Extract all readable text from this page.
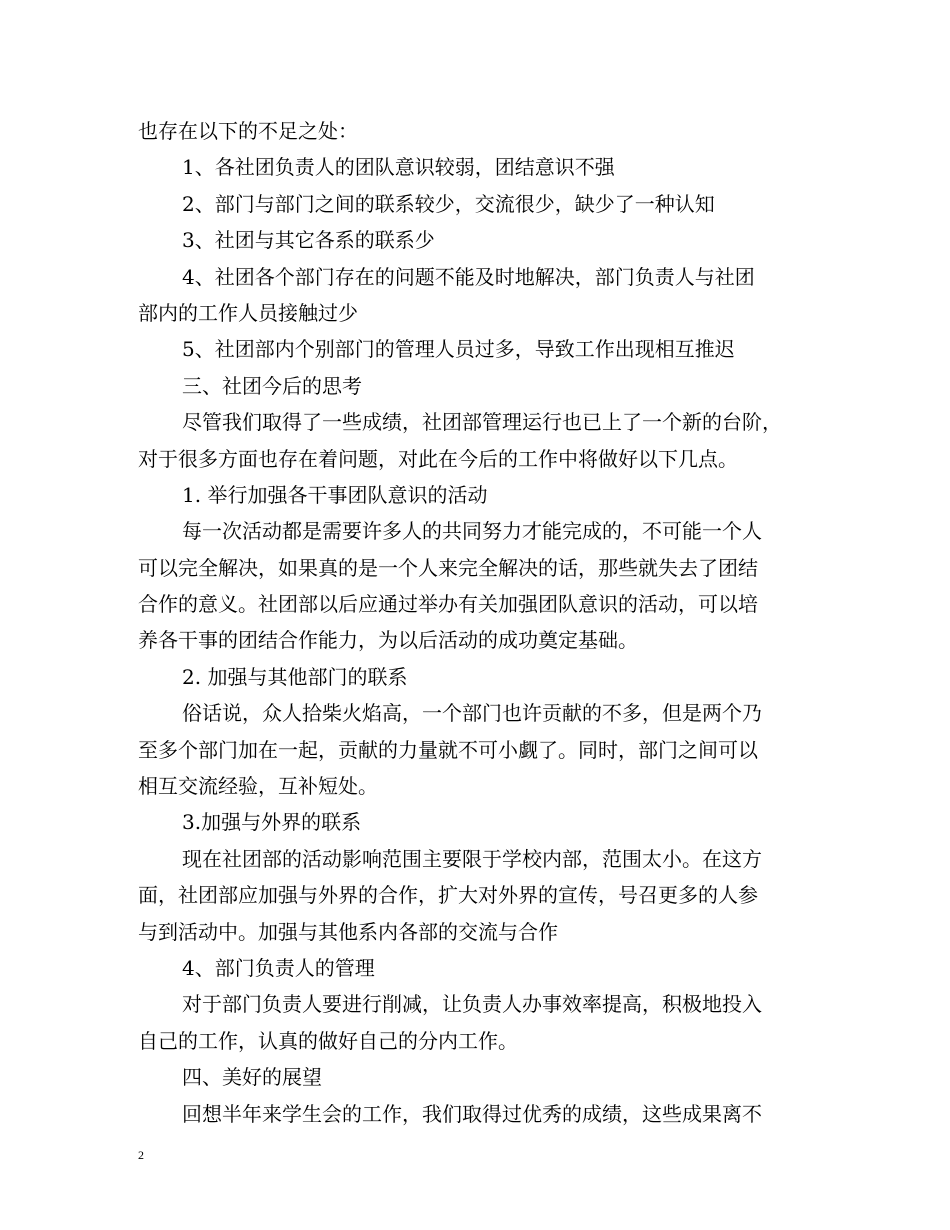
也存在以下的不足之处：
1、各社团负责人的团队意识较弱，团结意识不强
2、部门与部门之间的联系较少，交流很少，缺少了一种认知
3、社团与其它各系的联系少
4、社团各个部门存在的问题不能及时地解决，部门负责人与社团
部内的工作人员接触过少
5、社团部内个别部门的管理人员过多，导致工作出现相互推迟
三、社团今后的思考
尽管我们取得了一些成绩，社团部管理运行也已上了一个新的台阶，
对于很多方面也存在着问题，对此在今后的工作中将做好以下几点。
1. 举行加强各干事团队意识的活动
每一次活动都是需要许多人的共同努力才能完成的，不可能一个人
可以完全解决，如果真的是一个人来完全解决的话，那些就失去了团结
合作的意义。社团部以后应通过举办有关加强团队意识的活动，可以培
养各干事的团结合作能力，为以后活动的成功奠定基础。
2. 加强与其他部门的联系
俗话说，众人拾柴火焰高，一个部门也许贡献的不多，但是两个乃
至多个部门加在一起，贡献的力量就不可小觑了。同时，部门之间可以
相互交流经验，互补短处。
3.加强与外界的联系
现在社团部的活动影响范围主要限于学校内部，范围太小。在这方
面，社团部应加强与外界的合作，扩大对外界的宣传，号召更多的人参
与到活动中。加强与其他系内各部的交流与合作
4、部门负责人的管理
对于部门负责人要进行削减，让负责人办事效率提高，积极地投入
自己的工作，认真的做好自己的分内工作。
四、美好的展望
回想半年来学生会的工作，我们取得过优秀的成绩，这些成果离不
2
